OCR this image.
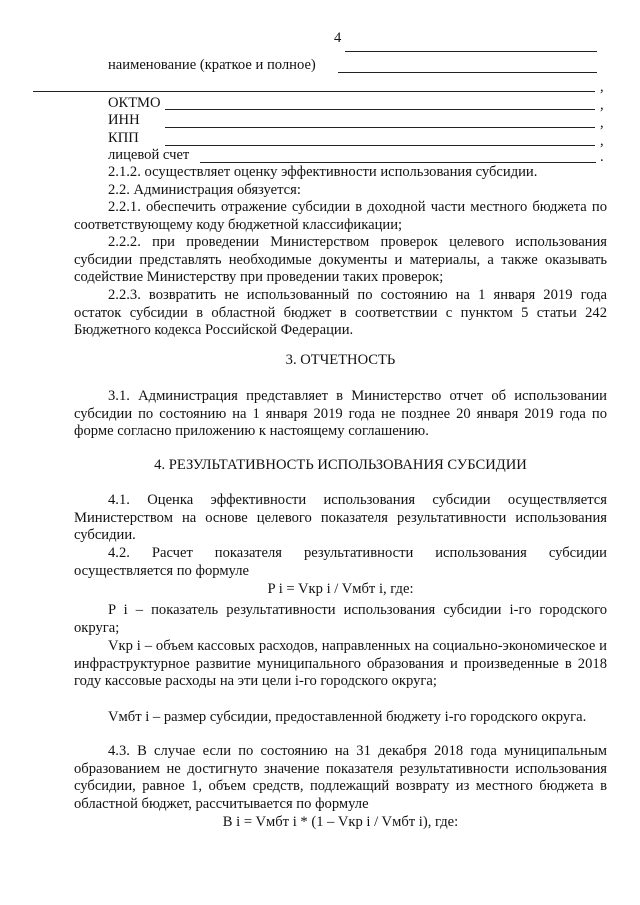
4
наименование (краткое и полное)
,
ОКТМО	,
ИНН	,
КПП	,
лицевой счет	.
2.1.2. осуществляет оценку эффективности использования субсидии.
2.2. Администрация обязуется:
2.2.1. обеспечить отражение субсидии в доходной части местного бюджета по соответствующему коду бюджетной классификации;
2.2.2. при проведении Министерством проверок целевого использования субсидии представлять необходимые документы и материалы, а также оказывать содействие Министерству при проведении таких проверок;
2.2.3. возвратить не использованный по состоянию на 1 января 2019 года остаток субсидии в областной бюджет в соответствии с пунктом 5 статьи 242 Бюджетного кодекса Российской Федерации.
3. ОТЧЕТНОСТЬ
3.1. Администрация представляет в Министерство отчет об использовании субсидии по состоянию на 1 января 2019 года не позднее 20 января 2019 года по форме согласно приложению к настоящему соглашению.
4. РЕЗУЛЬТАТИВНОСТЬ ИСПОЛЬЗОВАНИЯ СУБСИДИИ
4.1. Оценка эффективности использования субсидии осуществляется Министерством на основе целевого показателя результативности использования субсидии.
4.2. Расчет показателя результативности использования субсидии осуществляется по формуле
P i = Vкр i / Vмбт i, где:
P i – показатель результативности использования субсидии i-го городского округа;
Vкр i – объем кассовых расходов, направленных на социально-экономическое и инфраструктурное развитие муниципального образования и произведенные в 2018 году кассовые расходы на эти цели i-го городского округа;
Vмбт i – размер субсидии, предоставленной бюджету i-го городского округа.
4.3. В случае если по состоянию на 31 декабря 2018 года муниципальным образованием не достигнуто значение показателя результативности использования субсидии, равное 1, объем средств, подлежащий возврату из местного бюджета в областной бюджет, рассчитывается по формуле
B i = Vмбт i * (1 – Vкр i / Vмбт i), где:
